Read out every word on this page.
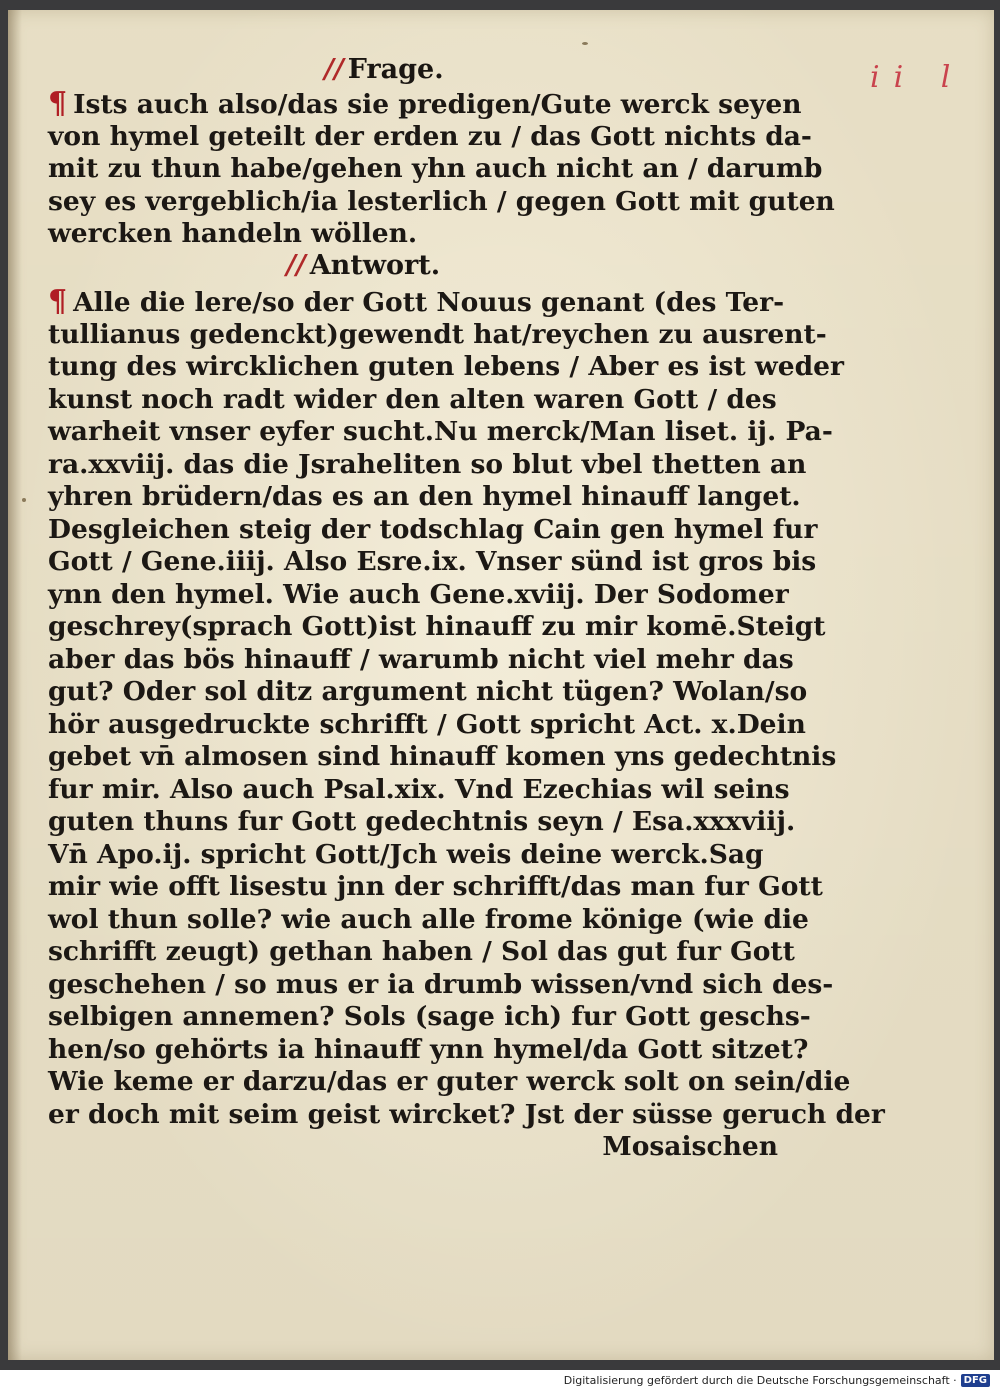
ii l
// Frage.
¶ Ists auch also/das sie predigen/Gute werck seyen
von hymel geteilt der erden zu / das Gott nichts da-
mit zu thun habe/gehen yhn auch nicht an / darumb
sey es vergeblich/ia lesterlich / gegen Gott mit guten
wercken handeln wöllen.
// Antwort.
¶ Alle die lere/so der Gott Nouus genant (des Ter-
tullianus gedenckt)gewendt hat/reychen zu ausrent-
tung des wircklichen guten lebens / Aber es ist weder
kunst noch radt wider den alten waren Gott / des
warheit vnser eyfer sucht.Nu merck/Man liset. ij. Pa-
ra.xxviij. das die Jsraheliten so blut vbel thetten an
yhren brüdern/das es an den hymel hinauff langet.
Desgleichen steig der todschlag Cain gen hymel fur
Gott / Gene.iiij. Also Esre.ix. Vnser sünd ist gros bis
ynn den hymel. Wie auch Gene.xviij. Der Sodomer
geschrey(sprach Gott)ist hinauff zu mir komē.Steigt
aber das bös hinauff / warumb nicht viel mehr das
gut? Oder sol ditz argument nicht tügen? Wolan/so
hör ausgedruckte schrifft / Gott spricht Act. x.Dein
gebet vn̄ almosen sind hinauff komen yns gedechtnis
fur mir. Also auch Psal.xix. Vnd Ezechias wil seins
guten thuns fur Gott gedechtnis seyn / Esa.xxxviij.
Vn̄ Apo.ij. spricht Gott/Jch weis deine werck.Sag
mir wie offt lisestu jnn der schrifft/das man fur Gott
wol thun solle? wie auch alle frome könige (wie die
schrifft zeugt) gethan haben / Sol das gut fur Gott
geschehen / so mus er ia drumb wissen/vnd sich des-
selbigen annemen? Sols (sage ich) fur Gott geschs-
hen/so gehörts ia hinauff ynn hymel/da Gott sitzet?
Wie keme er darzu/das er guter werck solt on sein/die
er doch mit seim geist wircket? Jst der süsse geruch der
Mosaischen
Digitalisierung gefördert durch die Deutsche Forschungsgemeinschaft · DFG
